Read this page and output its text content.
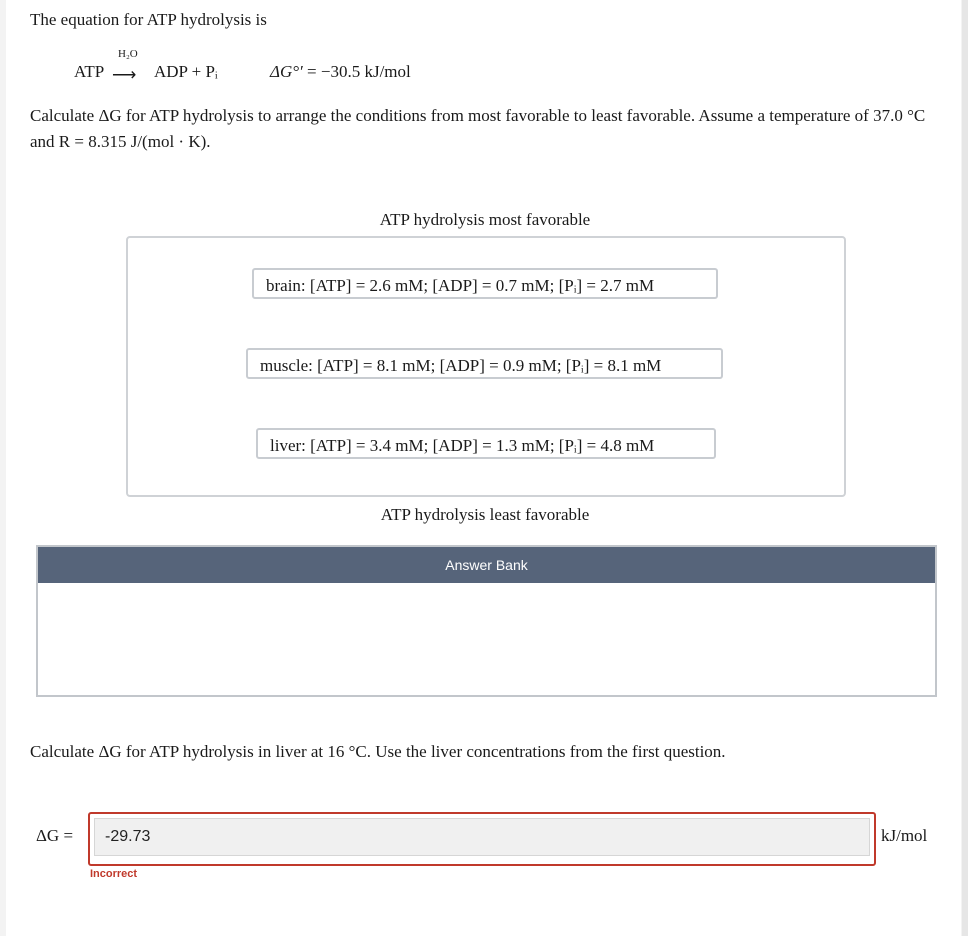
The equation for ATP hydrolysis is
ATP
H₂O
⟶ ADP + Pᵢ	ΔG°′ = −30.5 kJ/mol
Calculate ΔG for ATP hydrolysis to arrange the conditions from most favorable to least favorable. Assume a temperature of 37.0 °C and R = 8.315 J/(mol · K).
ATP hydrolysis most favorable
brain: [ATP] = 2.6 mM; [ADP] = 0.7 mM; [Pᵢ] = 2.7 mM
muscle: [ATP] = 8.1 mM; [ADP] = 0.9 mM; [Pᵢ] = 8.1 mM
liver: [ATP] = 3.4 mM; [ADP] = 1.3 mM; [Pᵢ] = 4.8 mM
ATP hydrolysis least favorable
Answer Bank
Calculate ΔG for ATP hydrolysis in liver at 16 °C. Use the liver concentrations from the first question.
ΔG =
-29.73	kJ/mol
Incorrect
